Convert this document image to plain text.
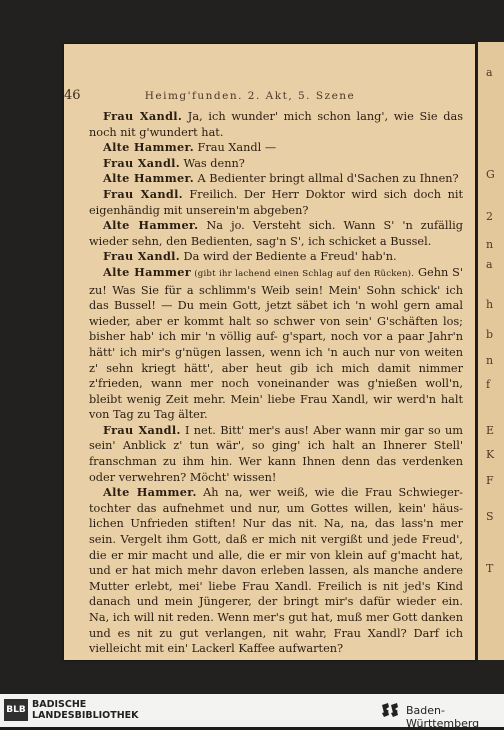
a
G
2
n
a
h
b
n
f
E
K
F
S
T
46	Heimg'funden. 2. Akt, 5. Szene

Frau Xandl. Ja, ich wunder' mich schon lang', wie Sie das noch nit g'wundert hat.

Alte Hammer. Frau Xandl —

Frau Xandl. Was denn?

Alte Hammer. A Bedienter bringt allmal d'Sachen zu Ihnen?

Frau Xandl. Freilich. Der Herr Doktor wird sich doch nit eigenhändig mit unserein'm abgeben?

Alte Hammer. Na jo. Versteht sich. Wann S' 'n zufällig wieder sehn, den Bedienten, sag'n S', ich schicket a Bussel.

Frau Xandl. Da wird der Bediente a Freud' hab'n.

Alte Hammer (gibt ihr lachend einen Schlag auf den Rücken). Gehn S' zu! Was Sie für a schlimm's Weib sein! Mein' Sohn schick' ich das Bussel! — Du mein Gott, jetzt säbet ich 'n wohl gern amal wieder, aber er kommt halt so schwer von sein' G'schäften los; bisher hab' ich mir 'n völlig auf- g'spart, noch vor a paar Jahr'n hätt' ich mir's g'nügen lassen, wenn ich 'n auch nur von weiten z' sehn kriegt hätt', aber heut gib ich mich damit nimmer z'frieden, wann mer noch voneinander was g'nießen woll'n, bleibt wenig Zeit mehr. Mein' liebe Frau Xandl, wir werd'n halt von Tag zu Tag älter.

Frau Xandl. I net. Bitt' mer's aus! Aber wann mir gar so um sein' Anblick z' tun wär', so ging' ich halt an Ihnerer Stell' franschman zu ihm hin. Wer kann Ihnen denn das verdenken oder verwehren? Möcht' wissen!

Alte Hammer. Ah na, wer weiß, wie die Frau Schwieger- tochter das aufnehmet und nur, um Gottes willen, kein' häus- lichen Unfrieden stiften! Nur das nit. Na, na, das lass'n mer sein. Vergelt ihm Gott, daß er mich nit vergißt und jede Freud', die er mir macht und alle, die er mir von klein auf g'macht hat, und er hat mich mehr davon erleben lassen, als manche andere Mutter erlebt, mei' liebe Frau Xandl. Freilich is nit jed's Kind danach und mein Jüngerer, der bringt mir's dafür wieder ein. Na, ich will nit reden. Wenn mer's gut hat, muß mer Gott danken und es nit zu gut verlangen, nit wahr, Frau Xandl? Darf ich vielleicht mit ein' Lackerl Kaffee aufwarten?

BLB BADISCHE
LANDESBIBLIOTHEK	Baden-Württemberg
